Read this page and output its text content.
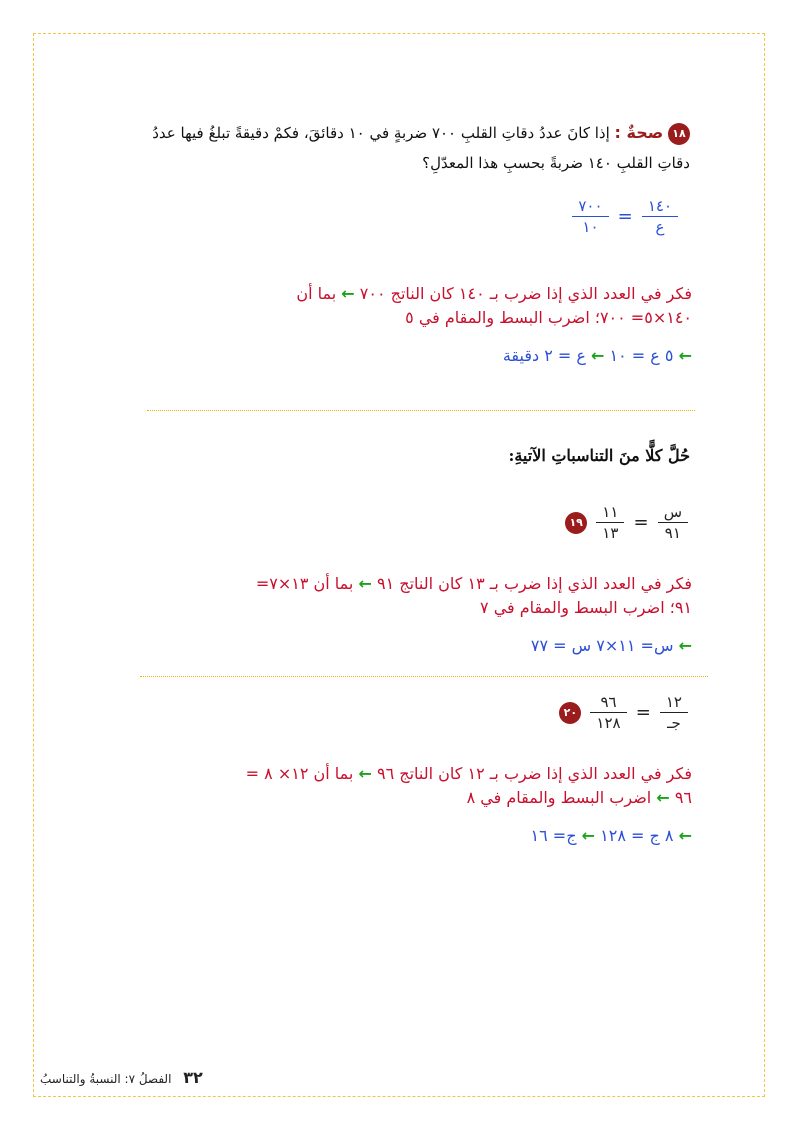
١٨ صحةٌ : إذا كانَ عددُ دقاتِ القلبِ ٧٠٠ ضربةٍ في ١٠ دقائقَ، فكمْ دقيقةً تبلغُ فيها عددُ دقاتِ القلبِ ١٤٠ ضربةً بحسبِ هذا المعدّلِ؟
$\frac{٧٠٠}{١٠} = \frac{١٤٠}{\text{ع}}$
فكر في العدد الذي إذا ضرب بـ ١٤٠ كان الناتج ٧٠٠ ← بما أن
١٤٠×٥= ٧٠٠؛ اضرب البسط والمقام في ٥
← ٥ ع = ١٠ ← ع = ٢ دقيقة
حُلَّ كلًّا منَ التناسباتِ الآتيةِ:
١٩ $\frac{١١}{١٣} = \frac{\text{س}}{٩١}$
فكر في العدد الذي إذا ضرب بـ ١٣ كان الناتج ٩١ ← بما أن ١٣×٧=
٩١؛ اضرب البسط والمقام في ٧
← س= ١١×٧ س = ٧٧
٢٠ $\frac{٩٦}{١٢٨} = \frac{١٢}{\text{جـ}}$
فكر في العدد الذي إذا ضرب بـ ١٢ كان الناتج ٩٦ ← بما أن ١٢× ٨ =
٩٦ ← اضرب البسط والمقام في ٨
← ٨ ج = ١٢٨ ← ج= ١٦
٣٢ الفصلُ ٧: النسبةُ والتناسبُ
